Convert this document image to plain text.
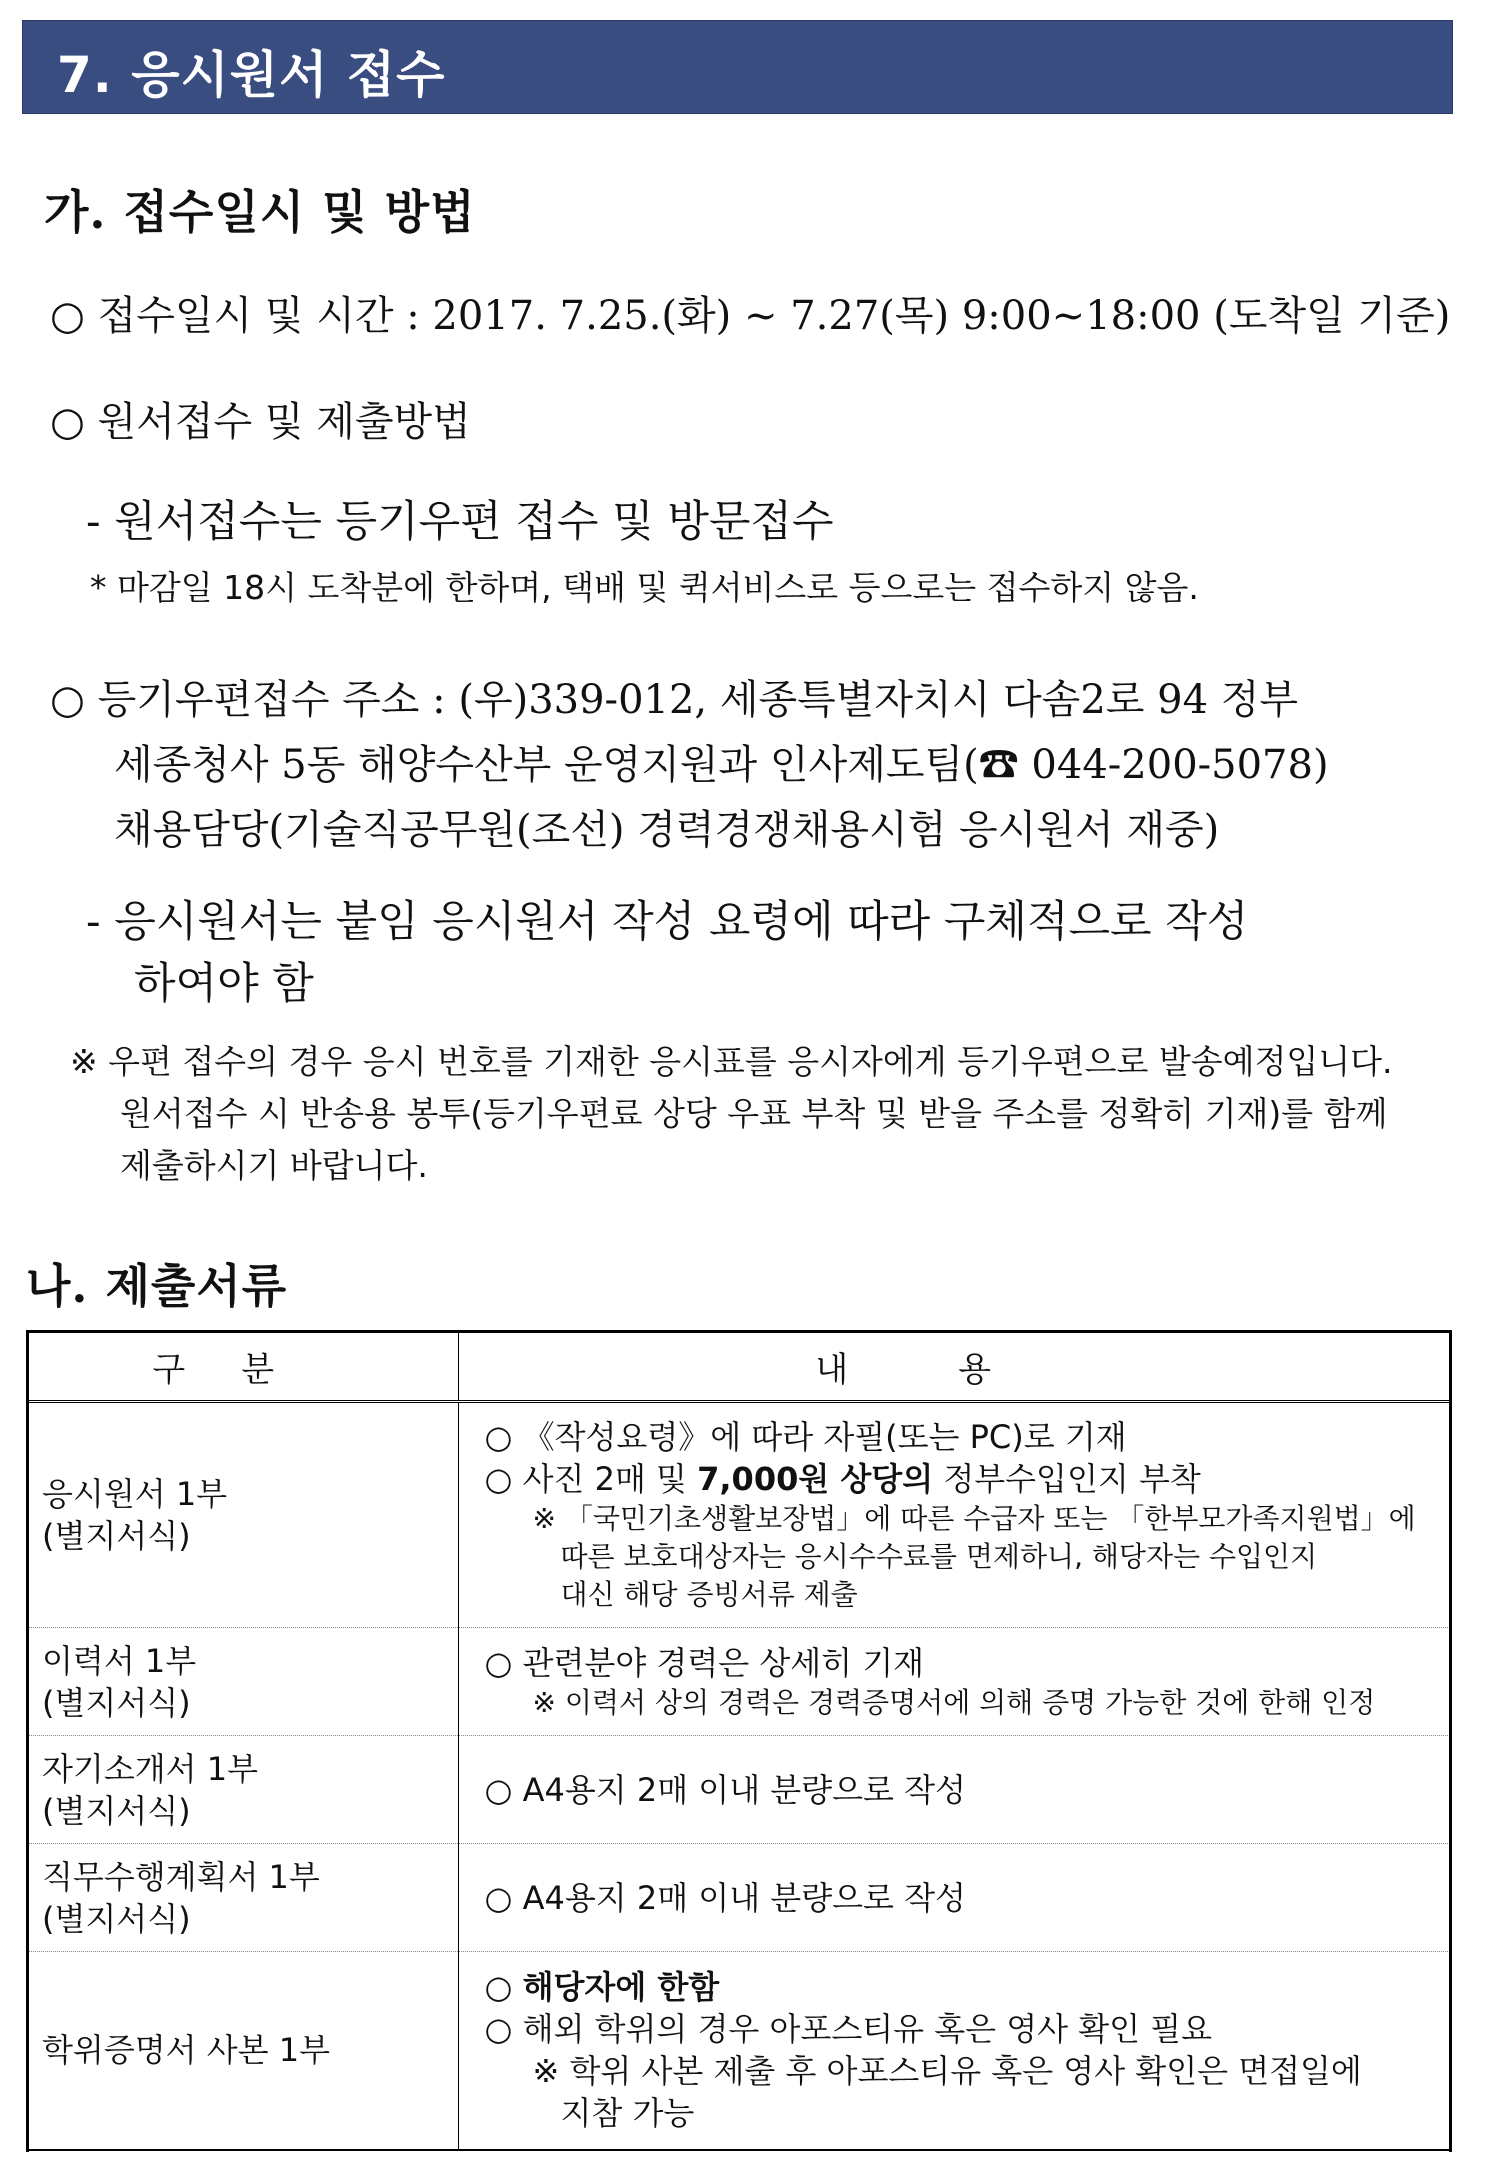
7. 응시원서 접수
가. 접수일시 및 방법
○ 접수일시 및 시간 : 2017. 7.25.(화) ~ 7.27(목) 9:00~18:00 (도착일 기준)
○ 원서접수 및 제출방법
- 원서접수는 등기우편 접수 및 방문접수
* 마감일 18시 도착분에 한하며, 택배 및 퀵서비스로 등으로는 접수하지 않음.
○ 등기우편접수 주소 : (우)339-012, 세종특별자치시 다솜2로 94 정부
세종청사 5동 해양수산부 운영지원과 인사제도팀(☎ 044-200-5078)
채용담당(기술직공무원(조선) 경력경쟁채용시험 응시원서 재중)
- 응시원서는 붙임 응시원서 작성 요령에 따라 구체적으로 작성
하여야 함
※ 우편 접수의 경우 응시 번호를 기재한 응시표를 응시자에게 등기우편으로 발송예정입니다.
원서접수 시 반송용 봉투(등기우편료 상당 우표 부착 및 받을 주소를 정확히 기재)를 함께
제출하시기 바랍니다.
나. 제출서류
구분	내용

응시원서 1부
(별지서식)	○ 《작성요령》에 따라 자필(또는 PC)로 기재
○ 사진 2매 및 7,000원 상당의 정부수입인지 부착
※ 「국민기초생활보장법」에 따른 수급자 또는 「한부모가족지원법」에
따른 보호대상자는 응시수수료를 면제하니, 해당자는 수입인지
대신 해당 증빙서류 제출

이력서 1부
(별지서식)	○ 관련분야 경력은 상세히 기재
※ 이력서 상의 경력은 경력증명서에 의해 증명 가능한 것에 한해 인정

자기소개서 1부
(별지서식)	○ A4용지 2매 이내 분량으로 작성

직무수행계획서 1부
(별지서식)	○ A4용지 2매 이내 분량으로 작성

학위증명서 사본 1부	○ 해당자에 한함
○ 해외 학위의 경우 아포스티유 혹은 영사 확인 필요
※ 학위 사본 제출 후 아포스티유 혹은 영사 확인은 면접일에
지참 가능
